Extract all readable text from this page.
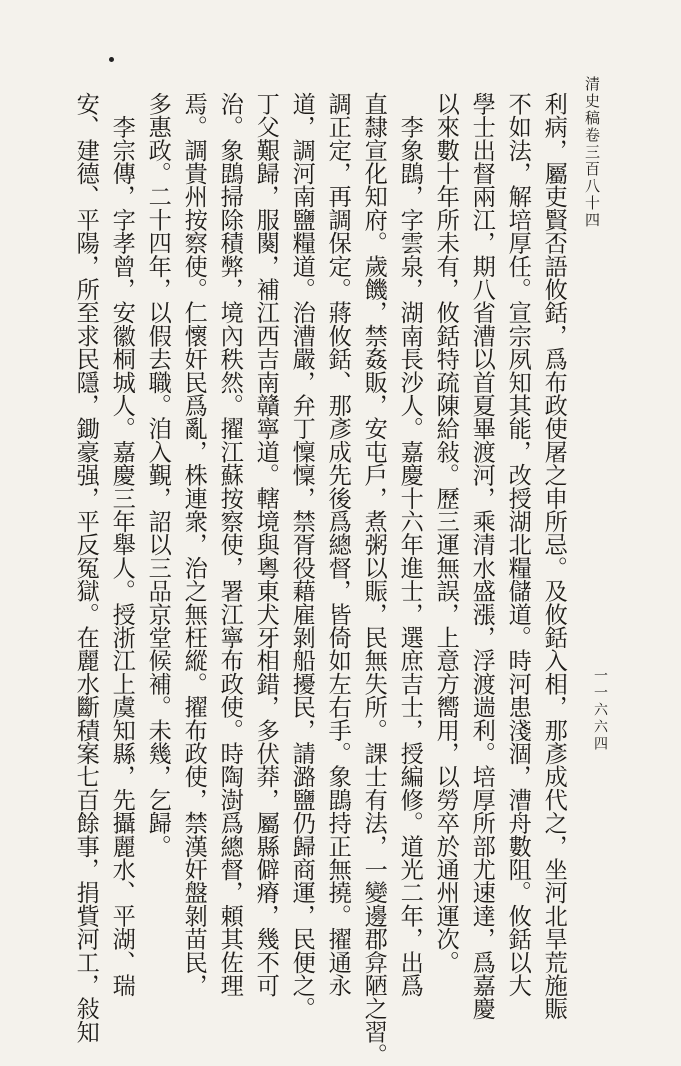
清史稿卷三百八十四
一一六六四
利病，屬吏賢否語攸銛，爲布政使屠之申所忌。及攸銛入相，那彥成代之，坐河北旱荒施賑
不如法，解培厚任。宣宗夙知其能，改授湖北糧儲道。時河患淺涸，漕舟數阻。攸銛以大
學士出督兩江，期八省漕以首夏畢渡河，乘清水盛漲，浮渡遄利。培厚所部尤速達，爲嘉慶
以來數十年所未有，攸銛特疏陳給敍。歷三運無誤，上意方嚮用，以勞卒於通州運次。
　李象鵾，字雲泉，湖南長沙人。嘉慶十六年進士，選庶吉士，授編修。道光二年，出爲
直隸宣化知府。歲饑，禁姦販，安屯戶，煮粥以賑，民無失所。課士有法，一變邊郡弇陋之習。
調正定，再調保定。蔣攸銛、那彥成先後爲總督，皆倚如左右手。象鵾持正無撓。擢通永
道，調河南鹽糧道。治漕嚴，弁丁懍懍，禁胥役藉雇剝船擾民，請潞鹽仍歸商運，民便之。
丁父艱歸，服闋，補江西吉南贛寧道。轄境與粵東犬牙相錯，多伏莽，屬縣僻瘠，幾不可
治。象鵾掃除積弊，境內秩然。擢江蘇按察使，署江寧布政使。時陶澍爲總督，頼其佐理
焉。調貴州按察使。仁懷奸民爲亂，株連衆，治之無枉縱。擢布政使，禁漢奸盤剝苗民，
多惠政。二十四年，以假去職。洎入覲，詔以三品京堂候補。未幾，乞歸。
　李宗傳，字孝曾，安徽桐城人。嘉慶三年舉人。授浙江上虞知縣，先攝麗水、平湖、瑞
安、建德、平陽，所至求民隱，鋤豪强，平反冤獄。在麗水斷積案七百餘事，捐貲河工，敍知
